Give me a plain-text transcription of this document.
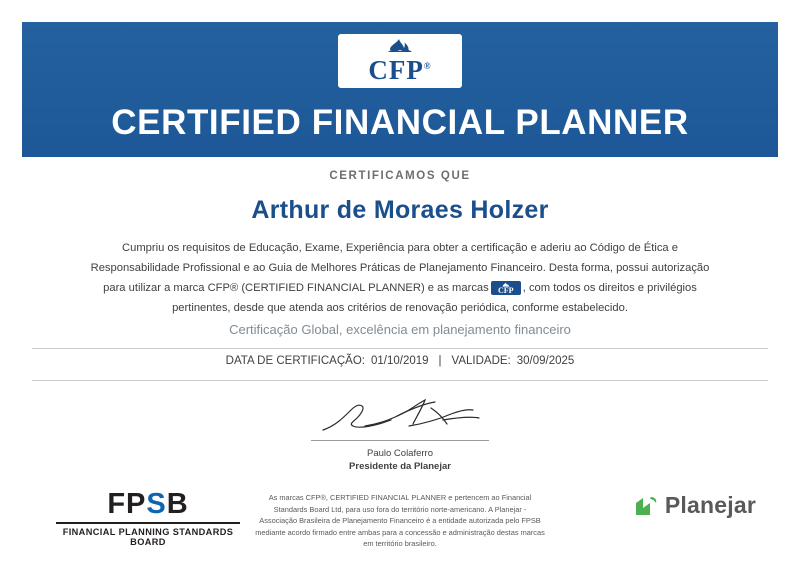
CFP®
CERTIFIED FINANCIAL PLANNER
CERTIFICAMOS QUE
Arthur de Moraes Holzer
Cumpriu os requisitos de Educação, Exame, Experiência para obter a certificação e aderiu ao Código de Ética e Responsabilidade Profissional e ao Guia de Melhores Práticas de Planejamento Financeiro. Desta forma, possui autorização para utilizar a marca CFP® (CERTIFIED FINANCIAL PLANNER) e as marcas	CFP , com todos os direitos e privilégios pertinentes, desde que atenda aos critérios de renovação periódica, conforme estabelecido.
Certificação Global, excelência em planejamento financeiro
DATA DE CERTIFICAÇÃO: 01/10/2019 | VALIDADE: 30/09/2025
Paulo Colaferro
Presidente da Planejar
FPSB
FINANCIAL PLANNING STANDARDS BOARD
As marcas CFP®, CERTIFIED FINANCIAL PLANNER e pertencem ao Financial Standards Board Ltd, para uso fora do território norte-americano. A Planejar - Associação Brasileira de Planejamento Financeiro é a entidade autorizada pelo FPSB mediante acordo firmado entre ambas para a concessão e administração destas marcas em território brasileiro.
Planejar
